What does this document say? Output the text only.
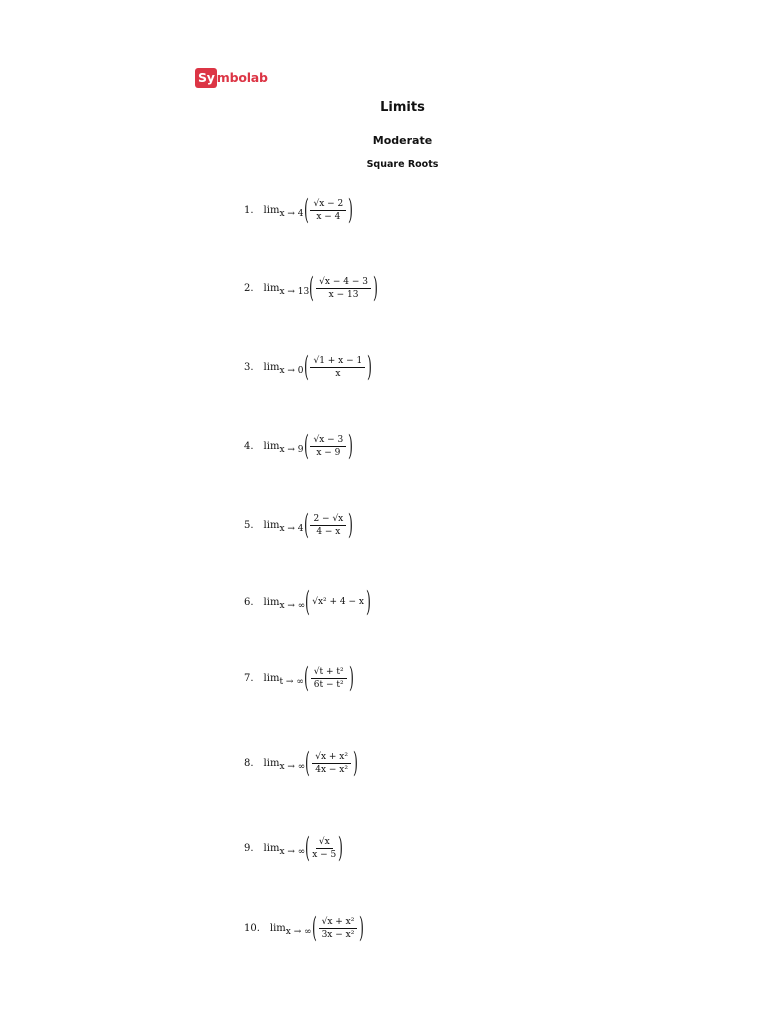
Sy mbolab
Limits
Moderate
Square Roots
1. limx → 4 ( $\frac{√x - 2}{x - 4}$ )
2. limx → 13 ( $\frac{√x - 4 - 3}{x - 13}$ )
3. limx → 0 ( $\frac{√1 + x - 1}{x}$ )
4. limx → 9 ( $\frac{√x - 3}{x - 9}$ )
5. limx → 4 ( $\frac{2 - √x}{4 - x}$ )
6. limx → ∞ ( √x² + 4 − x )
7. limt → ∞ ( $\frac{\text{√t + t²}}{\text{6t − t²}}$ )
8. limx → ∞ ( $\frac{\text{√x + x²}}{\text{4x − x²}}$ )
9. limx → ∞ ( $\frac{√x}{x - 5}$ )
10. limx → ∞ ( $\frac{\text{√x + x²}}{\text{3x − x²}}$ )
